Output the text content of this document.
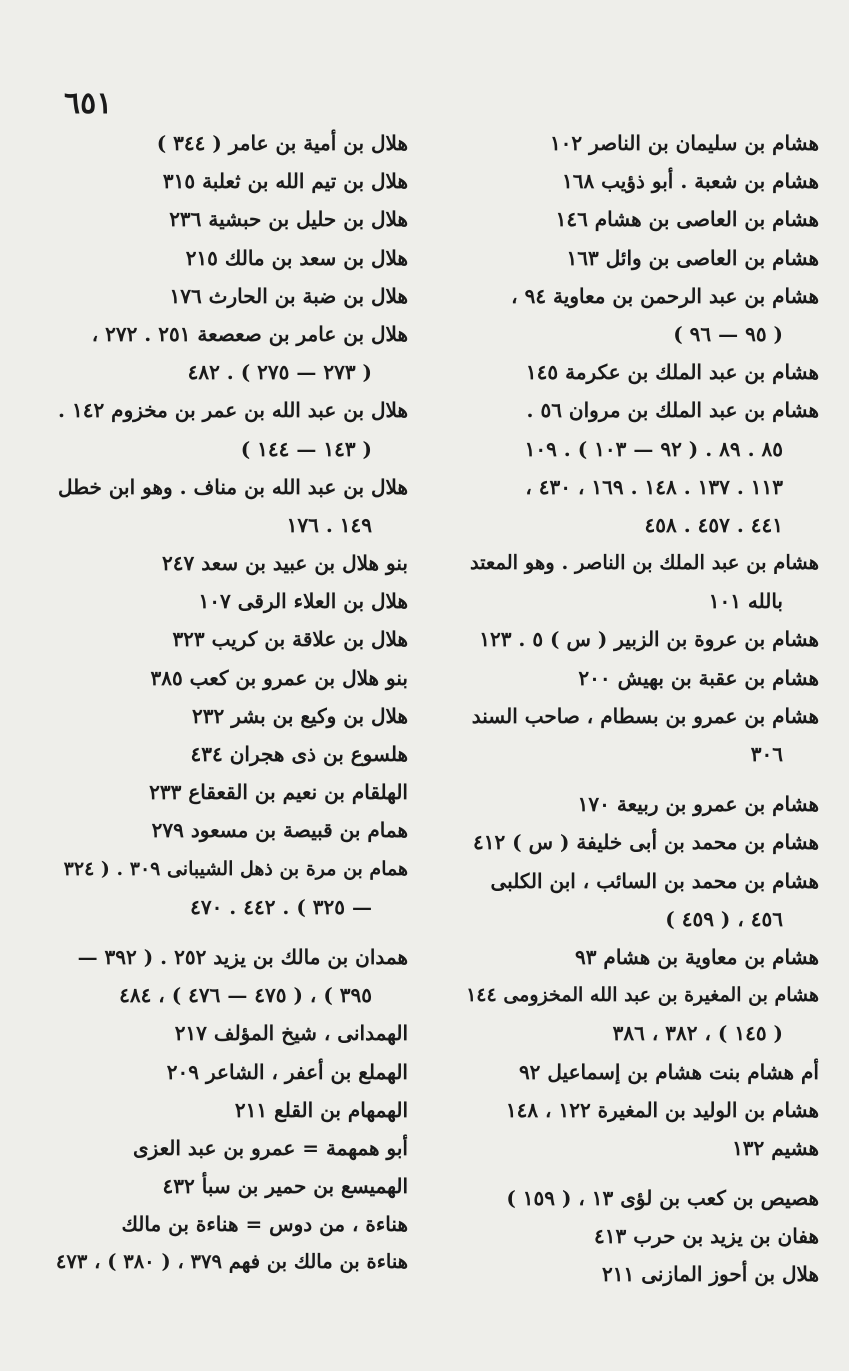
٦٥١
هشام بن سليمان بن الناصر ١٠٢
هشام بن شعبة . أبو ذؤيب ١٦٨
هشام بن العاصى بن هشام ١٤٦
هشام بن العاصى بن وائل ١٦٣
هشام بن عبد الرحمن بن معاوية ٩٤ ،
( ٩٥ — ٩٦ )
هشام بن عبد الملك بن عكرمة ١٤٥
هشام بن عبد الملك بن مروان ٥٦ .
٨٥ . ٨٩ . ( ٩٢ — ١٠٣ ) . ١٠٩
١١٣ . ١٣٧ . ١٤٨ . ١٦٩ ، ٤٣٠ ،
٤٤١ . ٤٥٧ . ٤٥٨
هشام بن عبد الملك بن الناصر . وهو المعتد
بالله ١٠١
هشام بن عروة بن الزبير ( س ) ٥ . ١٢٣
هشام بن عقبة بن بهيش ٢٠٠
هشام بن عمرو بن بسطام ، صاحب السند
٣٠٦
هشام بن عمرو بن ربيعة ١٧٠
هشام بن محمد بن أبى خليفة ( س ) ٤١٢
هشام بن محمد بن السائب ، ابن الكلبى
٤٥٦ ، ( ٤٥٩ )
هشام بن معاوية بن هشام ٩٣
هشام بن المغيرة بن عبد الله المخزومى ١٤٤
( ١٤٥ ) ، ٣٨٢ ، ٣٨٦
أم هشام بنت هشام بن إسماعيل ٩٢
هشام بن الوليد بن المغيرة ١٢٢ ، ١٤٨
هشيم ١٣٢
هصيص بن كعب بن لؤى ١٣ ، ( ١٥٩ )
هفان بن يزيد بن حرب ٤١٣
هلال بن أحوز المازنى ٢١١
هلال بن أمية بن عامر ( ٣٤٤ )
هلال بن تيم الله بن ثعلبة ٣١٥
هلال بن حليل بن حبشية ٢٣٦
هلال بن سعد بن مالك ٢١٥
هلال بن ضبة بن الحارث ١٧٦
هلال بن عامر بن صعصعة ٢٥١ . ٢٧٢ ،
( ٢٧٣ — ٢٧٥ ) . ٤٨٢
هلال بن عبد الله بن عمر بن مخزوم ١٤٢ .
( ١٤٣ — ١٤٤ )
هلال بن عبد الله بن مناف . وهو ابن خطل
١٤٩ . ١٧٦
بنو هلال بن عبيد بن سعد ٢٤٧
هلال بن العلاء الرقى ١٠٧
هلال بن علاقة بن كريب ٣٢٣
بنو هلال بن عمرو بن كعب ٣٨٥
هلال بن وكيع بن بشر ٢٣٢
هلسوع بن ذى هجران ٤٣٤
الهلقام بن نعيم بن القعقاع ٢٣٣
همام بن قبيصة بن مسعود ٢٧٩
همام بن مرة بن ذهل الشيبانى ٣٠٩ . ( ٣٢٤
— ٣٢٥ ) . ٤٤٢ . ٤٧٠
همدان بن مالك بن يزيد ٢٥٢ . ( ٣٩٢ —
٣٩٥ ) ، ( ٤٧٥ — ٤٧٦ ) ، ٤٨٤
الهمدانى ، شيخ المؤلف ٢١٧
الهملع بن أعفر ، الشاعر ٢٠٩
الهمهام بن القلع ٢١١
أبو همهمة = عمرو بن عبد العزى
الهميسع بن حمير بن سبأ ٤٣٢
هناءة ، من دوس = هناءة بن مالك
هناءة بن مالك بن فهم ٣٧٩ ، ( ٣٨٠ ) ، ٤٧٣
